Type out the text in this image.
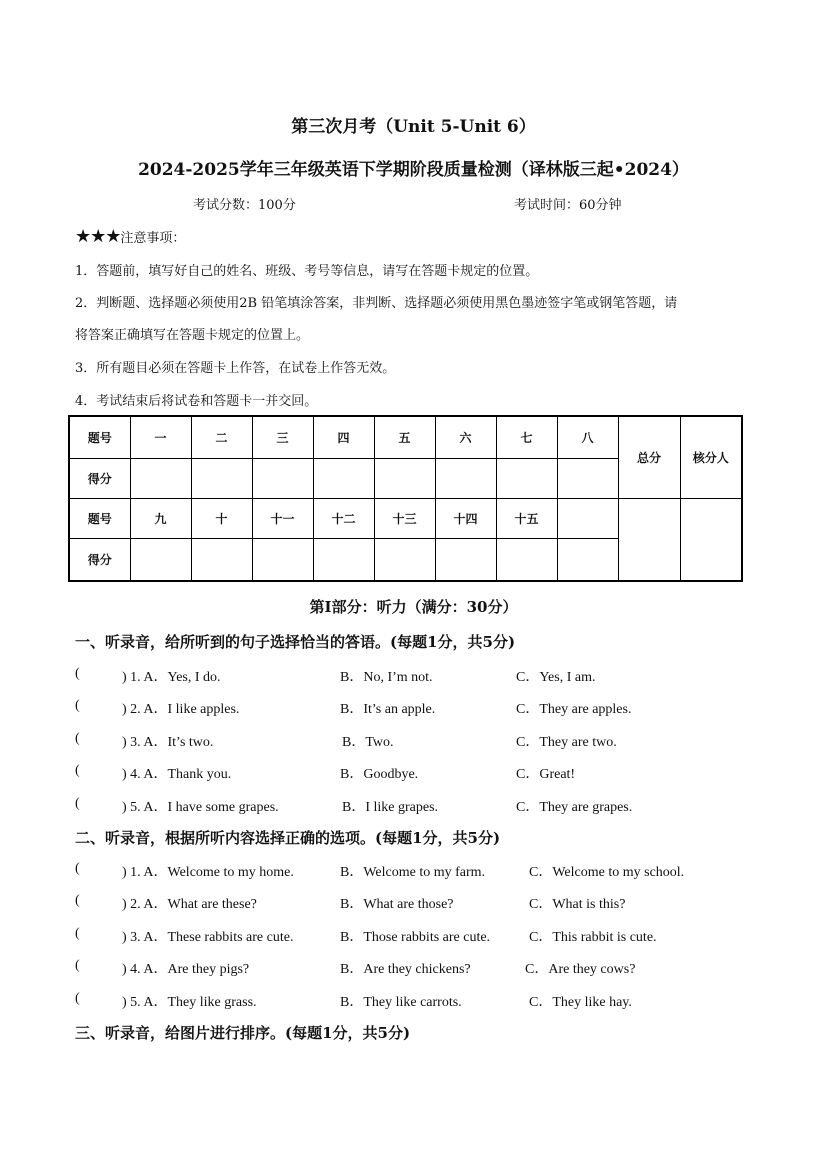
第三次月考（Unit 5-Unit 6）
2024-2025学年三年级英语下学期阶段质量检测（译林版三起•2024）
考试分数：100分	考试时间：60分钟
★★★注意事项：
1．答题前，填写好自己的姓名、班级、考号等信息，请写在答题卡规定的位置。
2．判断题、选择题必须使用2B 铅笔填涂答案，非判断、选择题必须使用黑色墨迹签字笔或钢笔答题，请
将答案正确填写在答题卡规定的位置上。
3．所有题目必须在答题卡上作答，在试卷上作答无效。
4．考试结束后将试卷和答题卡一并交回。
题号	一	二	三	四	五	六	七	八	总分	核分人
得分										
题号	九	十	十一	十二	十三	十四	十五			
得分										
第Ⅰ部分：听力（满分：30分）
一、听录音，给所听到的句子选择恰当的答语。(每题1分，共5分)
(	) 1. A．Yes, I do.	B．No, I’m not.	C．Yes, I am.
(	) 2. A．I like apples.	B．It’s an apple.	C．They are apples.
(	) 3. A．It’s two.	B．Two.	C．They are two.
(	) 4. A．Thank you.	B．Goodbye.	C．Great!
(	) 5. A．I have some grapes.	B．I like grapes.	C．They are grapes.
二、听录音，根据所听内容选择正确的选项。(每题1分，共5分)
(	) 1. A．Welcome to my home.	B．Welcome to my farm.	C．Welcome to my school.
(	) 2. A．What are these?	B．What are those?	C．What is this?
(	) 3. A．These rabbits are cute.	B．Those rabbits are cute.	C．This rabbit is cute.
(	) 4. A．Are they pigs?	B．Are they chickens?	C．Are they cows?
(	) 5. A．They like grass.	B．They like carrots.	C．They like hay.
三、听录音，给图片进行排序。(每题1分，共5分)
